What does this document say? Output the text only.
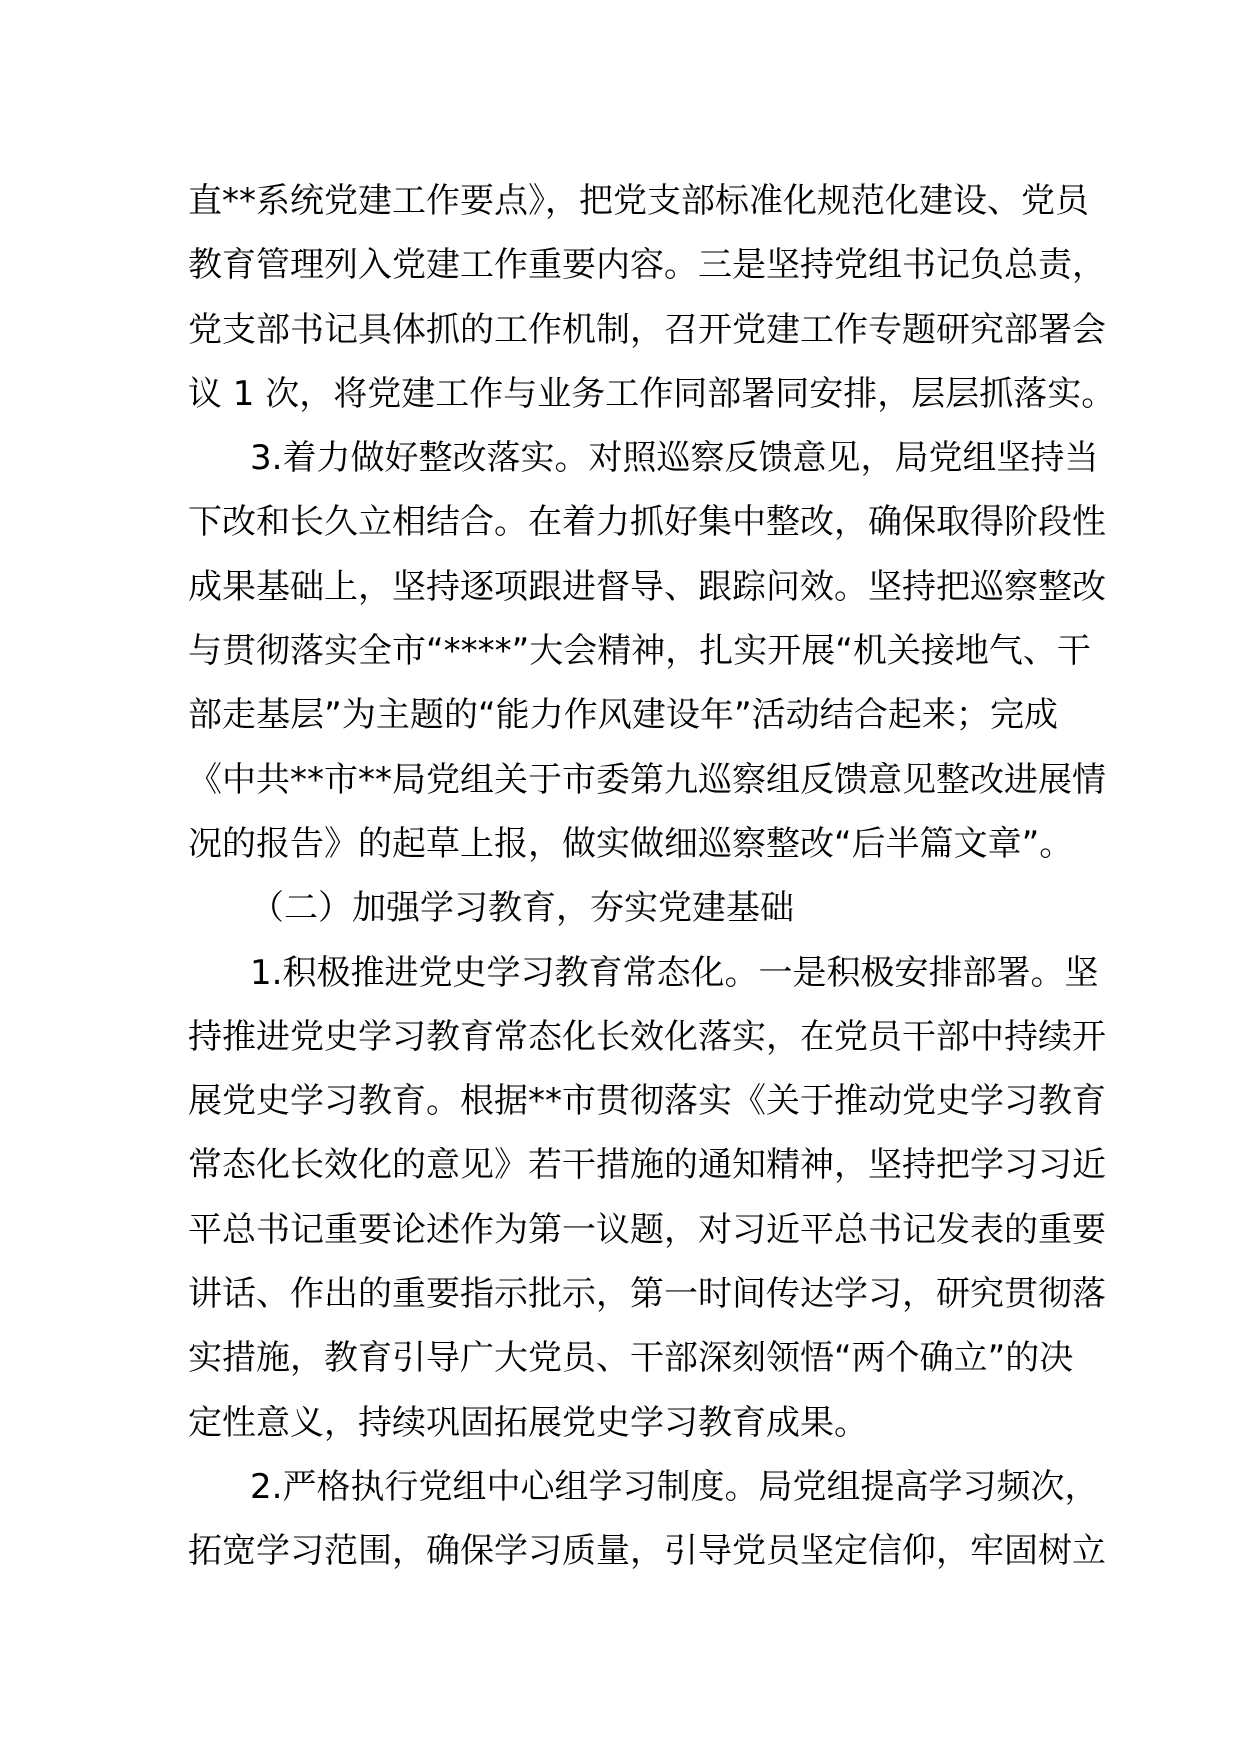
直**系统党建工作要点》，把党支部标准化规范化建设、党员
教育管理列入党建工作重要内容。三是坚持党组书记负总责，
党支部书记具体抓的工作机制，召开党建工作专题研究部署会
议 1 次，将党建工作与业务工作同部署同安排，层层抓落实。
3.着力做好整改落实。对照巡察反馈意见，局党组坚持当
下改和长久立相结合。在着力抓好集中整改，确保取得阶段性
成果基础上，坚持逐项跟进督导、跟踪问效。坚持把巡察整改
与贯彻落实全市“****”大会精神，扎实开展“机关接地气、干
部走基层”为主题的“能力作风建设年”活动结合起来；完成
《中共**市**局党组关于市委第九巡察组反馈意见整改进展情
况的报告》的起草上报，做实做细巡察整改“后半篇文章”。
（二）加强学习教育，夯实党建基础
1.积极推进党史学习教育常态化。一是积极安排部署。坚
持推进党史学习教育常态化长效化落实，在党员干部中持续开
展党史学习教育。根据**市贯彻落实《关于推动党史学习教育
常态化长效化的意见》若干措施的通知精神，坚持把学习习近
平总书记重要论述作为第一议题，对习近平总书记发表的重要
讲话、作出的重要指示批示，第一时间传达学习，研究贯彻落
实措施，教育引导广大党员、干部深刻领悟“两个确立”的决
定性意义，持续巩固拓展党史学习教育成果。
2.严格执行党组中心组学习制度。局党组提高学习频次，
拓宽学习范围，确保学习质量，引导党员坚定信仰，牢固树立
